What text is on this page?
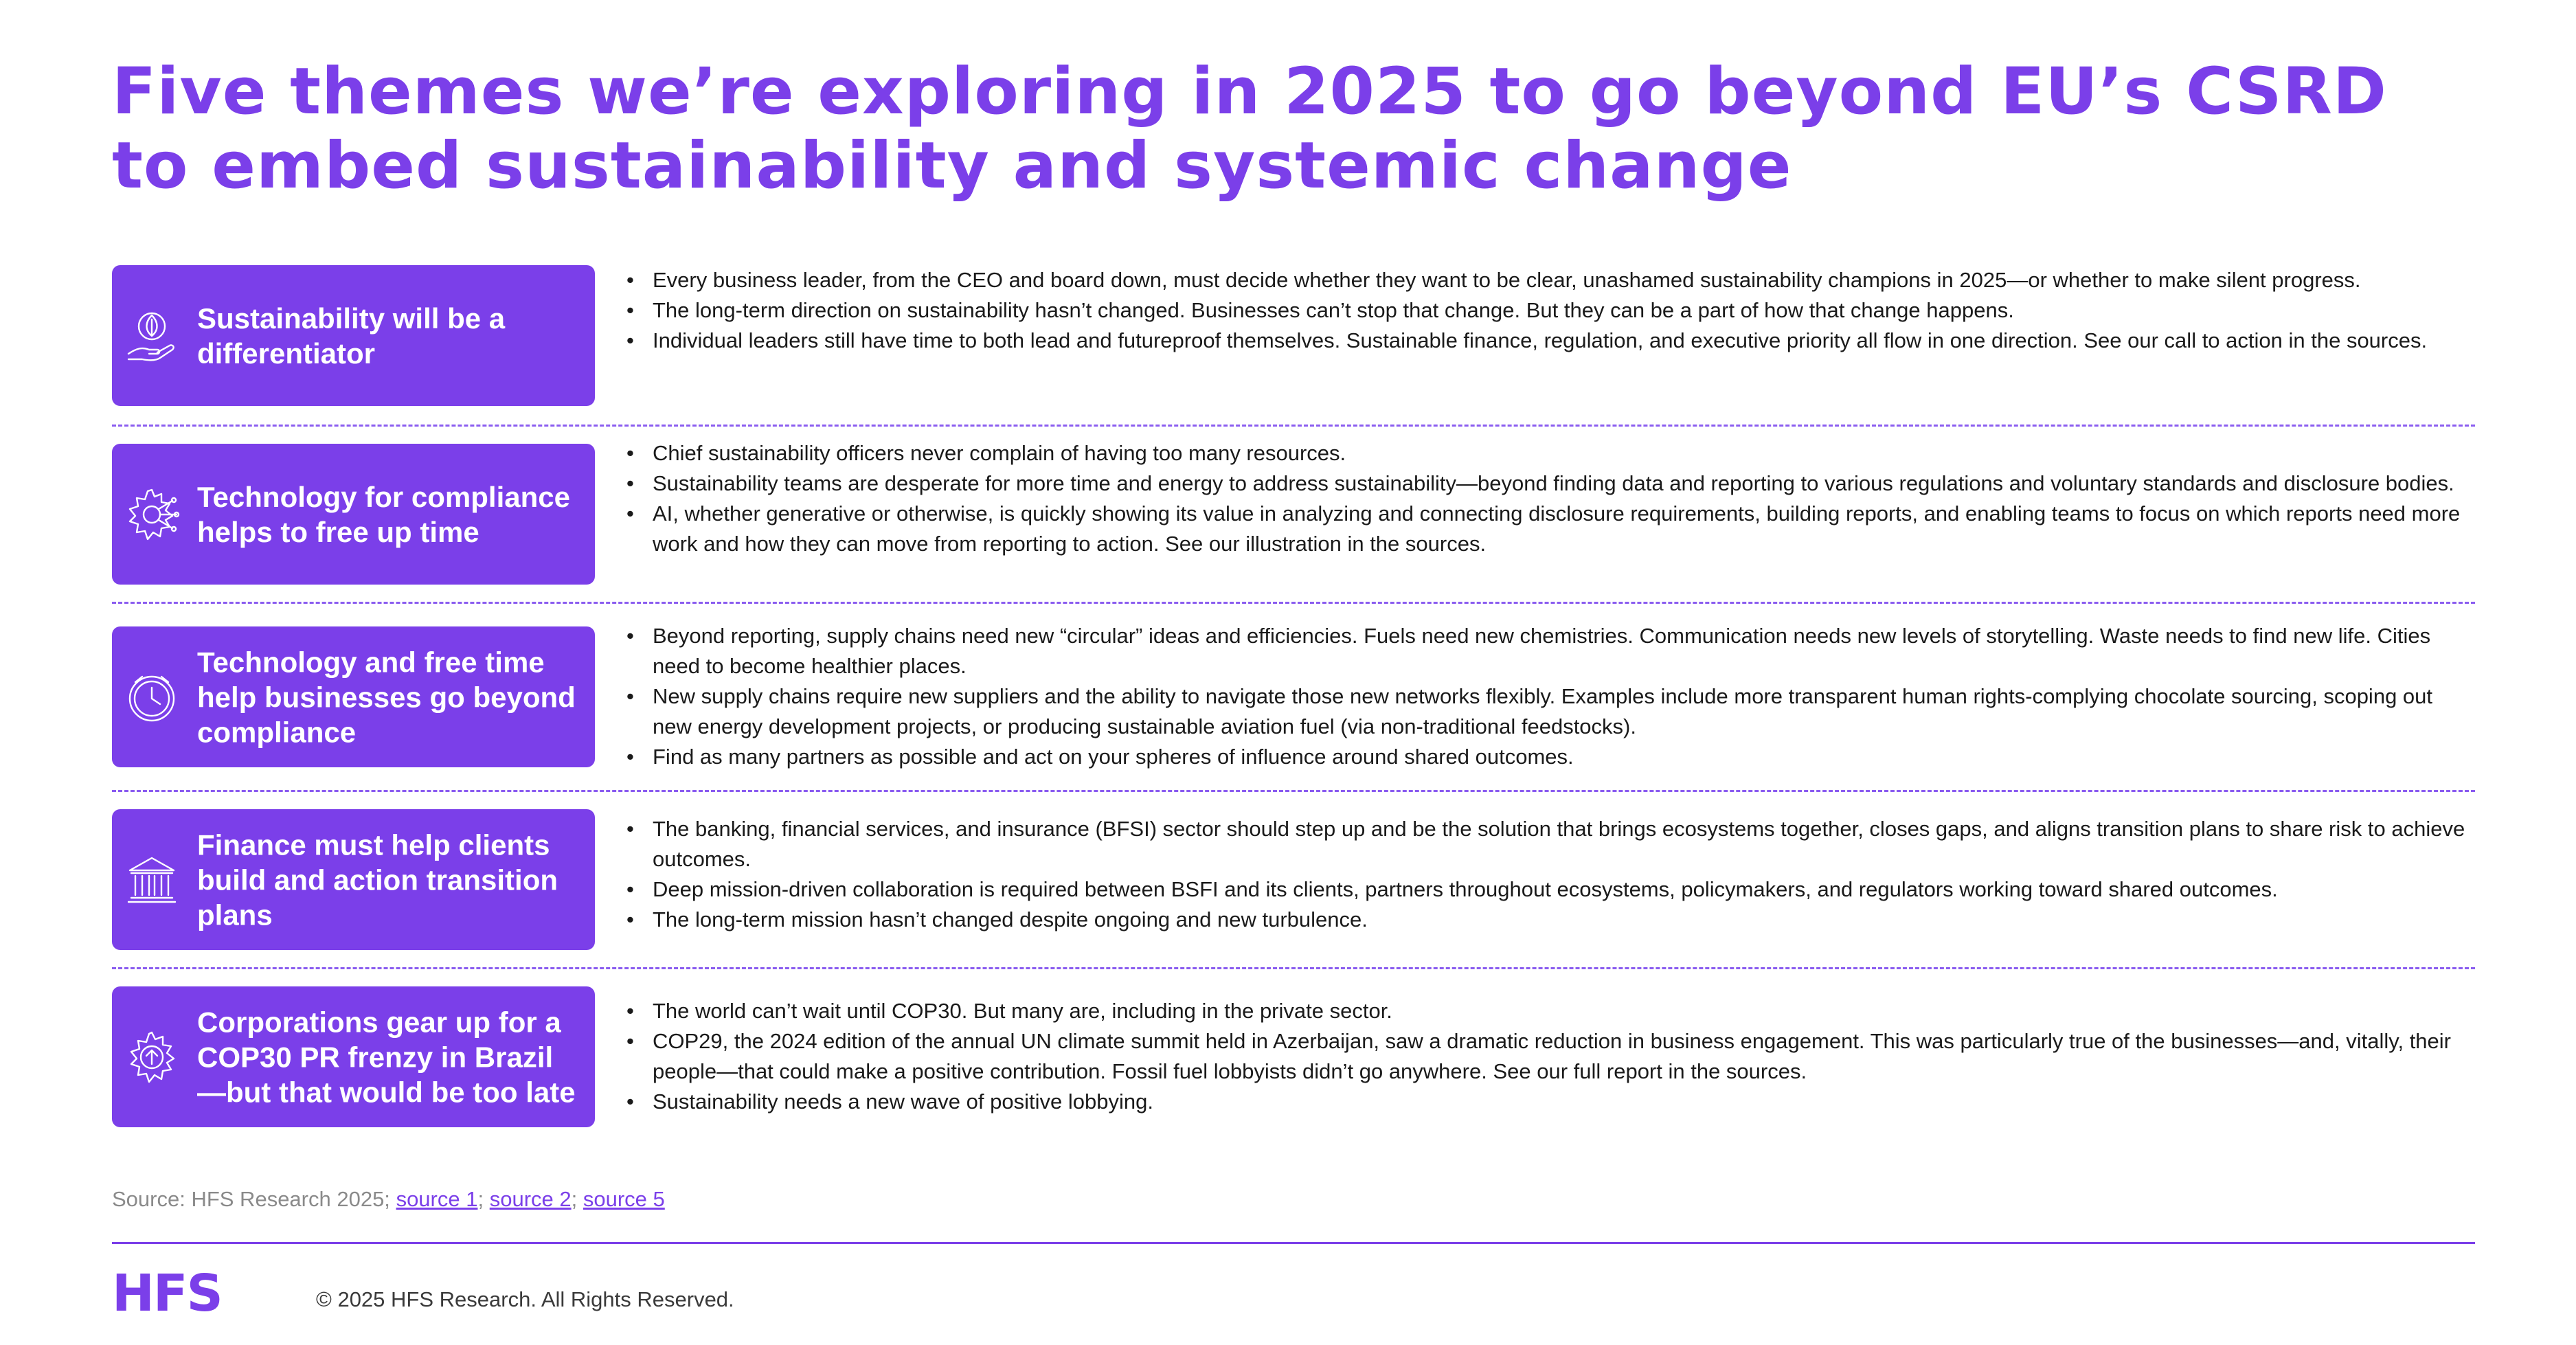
Five themes we’re exploring in 2025 to go beyond EU’s CSRD to embed sustainability and systemic change
Sustainability will be a differentiator
• Every business leader, from the CEO and board down, must decide whether they want to be clear, unashamed sustainability champions in 2025—or whether to make silent progress.
• The long-term direction on sustainability hasn’t changed. Businesses can’t stop that change. But they can be a part of how that change happens.
• Individual leaders still have time to both lead and futureproof themselves. Sustainable finance, regulation, and executive priority all flow in one direction. See our call to action in the sources.
Technology for compliance helps to free up time
• Chief sustainability officers never complain of having too many resources.
• Sustainability teams are desperate for more time and energy to address sustainability—beyond finding data and reporting to various regulations and voluntary standards and disclosure bodies.
• AI, whether generative or otherwise, is quickly showing its value in analyzing and connecting disclosure requirements, building reports, and enabling teams to focus on which reports need more work and how they can move from reporting to action. See our illustration in the sources.
Technology and free time help businesses go beyond compliance
• Beyond reporting, supply chains need new “circular” ideas and efficiencies. Fuels need new chemistries. Communication needs new levels of storytelling. Waste needs to find new life. Cities need to become healthier places.
• New supply chains require new suppliers and the ability to navigate those new networks flexibly. Examples include more transparent human rights-complying chocolate sourcing, scoping out new energy development projects, or producing sustainable aviation fuel (via non-traditional feedstocks).
• Find as many partners as possible and act on your spheres of influence around shared outcomes.
Finance must help clients build and action transition plans
• The banking, financial services, and insurance (BFSI) sector should step up and be the solution that brings ecosystems together, closes gaps, and aligns transition plans to share risk to achieve outcomes.
• Deep mission-driven collaboration is required between BSFI and its clients, partners throughout ecosystems, policymakers, and regulators working toward shared outcomes.
• The long-term mission hasn’t changed despite ongoing and new turbulence.
Corporations gear up for a COP30 PR frenzy in Brazil—but that would be too late
• The world can’t wait until COP30. But many are, including in the private sector.
• COP29, the 2024 edition of the annual UN climate summit held in Azerbaijan, saw a dramatic reduction in business engagement. This was particularly true of the businesses—and, vitally, their people—that could make a positive contribution. Fossil fuel lobbyists didn’t go anywhere. See our full report in the sources.
• Sustainability needs a new wave of positive lobbying.
Source: HFS Research 2025; source 1; source 2; source 5
HFS	© 2025 HFS Research. All Rights Reserved.
